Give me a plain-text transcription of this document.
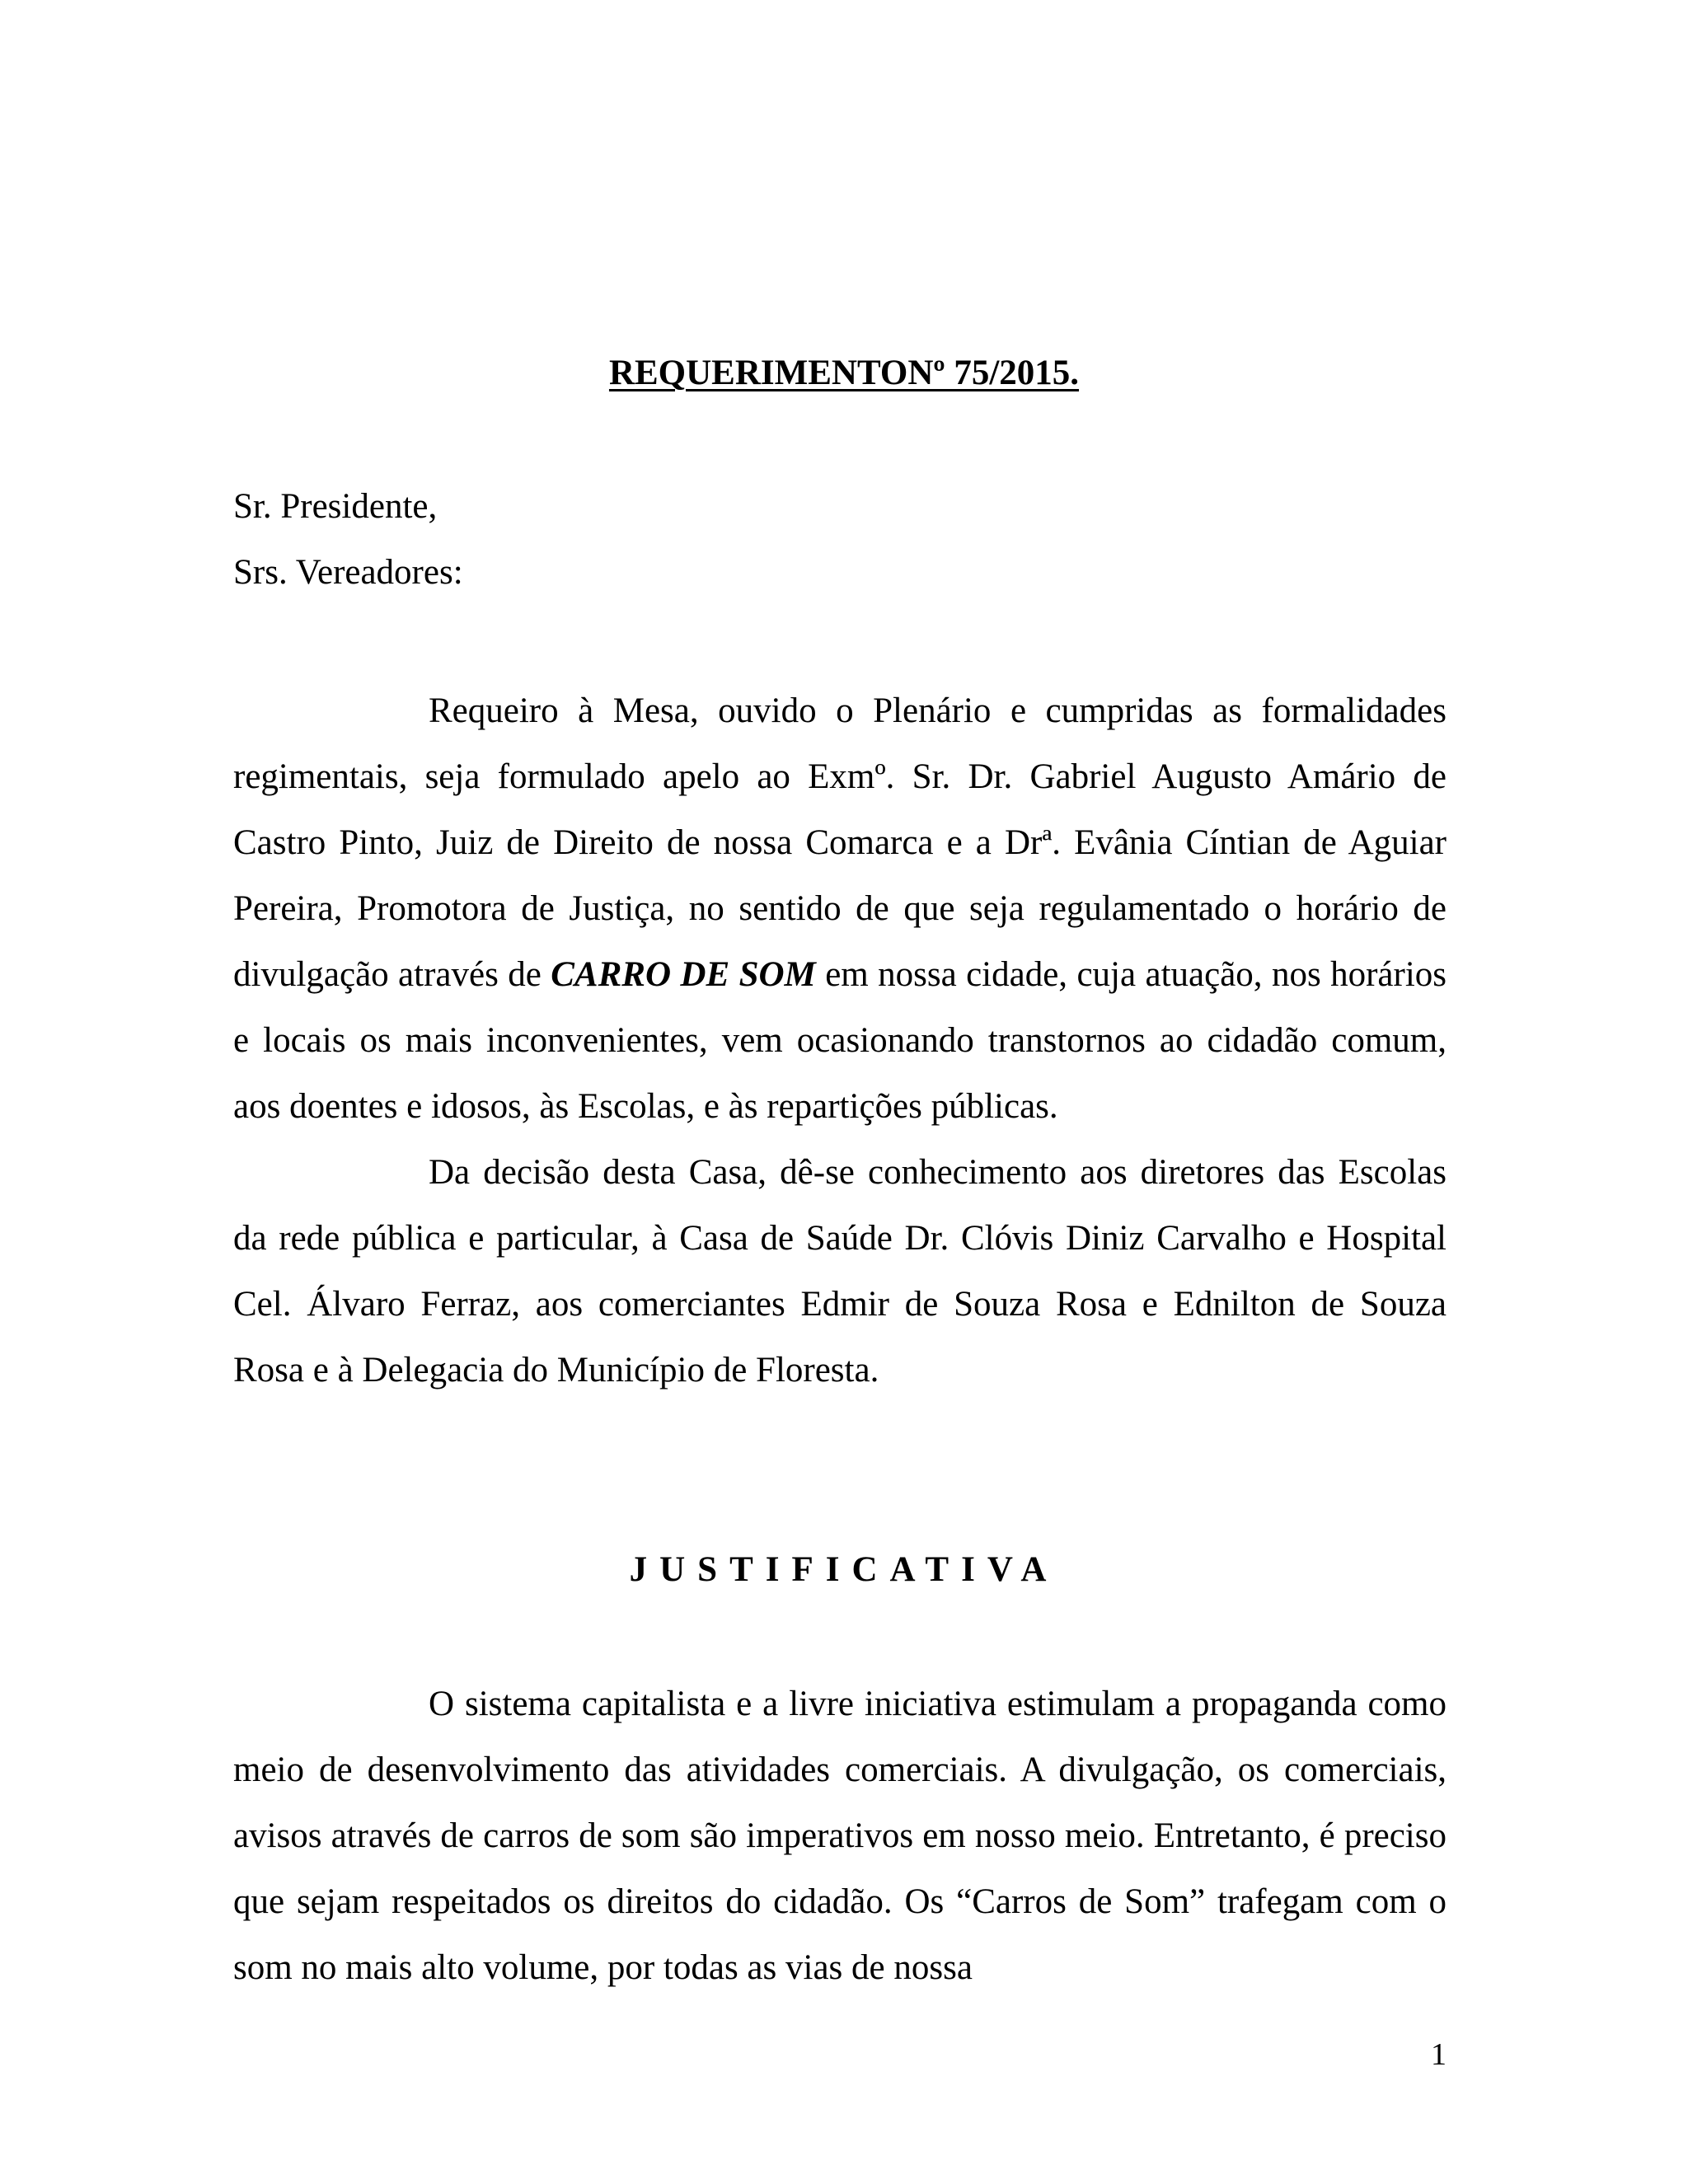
REQUERIMENTONº 75/2015.

Sr. Presidente,

Srs. Vereadores:

Requeiro à Mesa, ouvido o Plenário e cumpridas as formalidades regimentais, seja formulado apelo ao Exmº. Sr. Dr. Gabriel Augusto Amário de Castro Pinto, Juiz de Direito de nossa Comarca e a Drª. Evânia Cíntian de Aguiar Pereira, Promotora de Justiça, no sentido de que seja regulamentado o horário de divulgação através de CARRO DE SOM em nossa cidade, cuja atuação, nos horários e locais os mais inconvenientes, vem ocasionando transtornos ao cidadão comum, aos doentes e idosos, às Escolas, e às repartições públicas.

Da decisão desta Casa, dê-se conhecimento aos diretores das Escolas da rede pública e particular, à Casa de Saúde Dr. Clóvis Diniz Carvalho e Hospital Cel. Álvaro Ferraz, aos comerciantes Edmir de Souza Rosa e Ednilton de Souza Rosa e à Delegacia do Município de Floresta.

JUSTIFICATIVA

O sistema capitalista e a livre iniciativa estimulam a propaganda como meio de desenvolvimento das atividades comerciais. A divulgação, os comerciais, avisos através de carros de som são imperativos em nosso meio. Entretanto, é preciso que sejam respeitados os direitos do cidadão. Os “Carros de Som” trafegam com o som no mais alto volume, por todas as vias de nossa

1
